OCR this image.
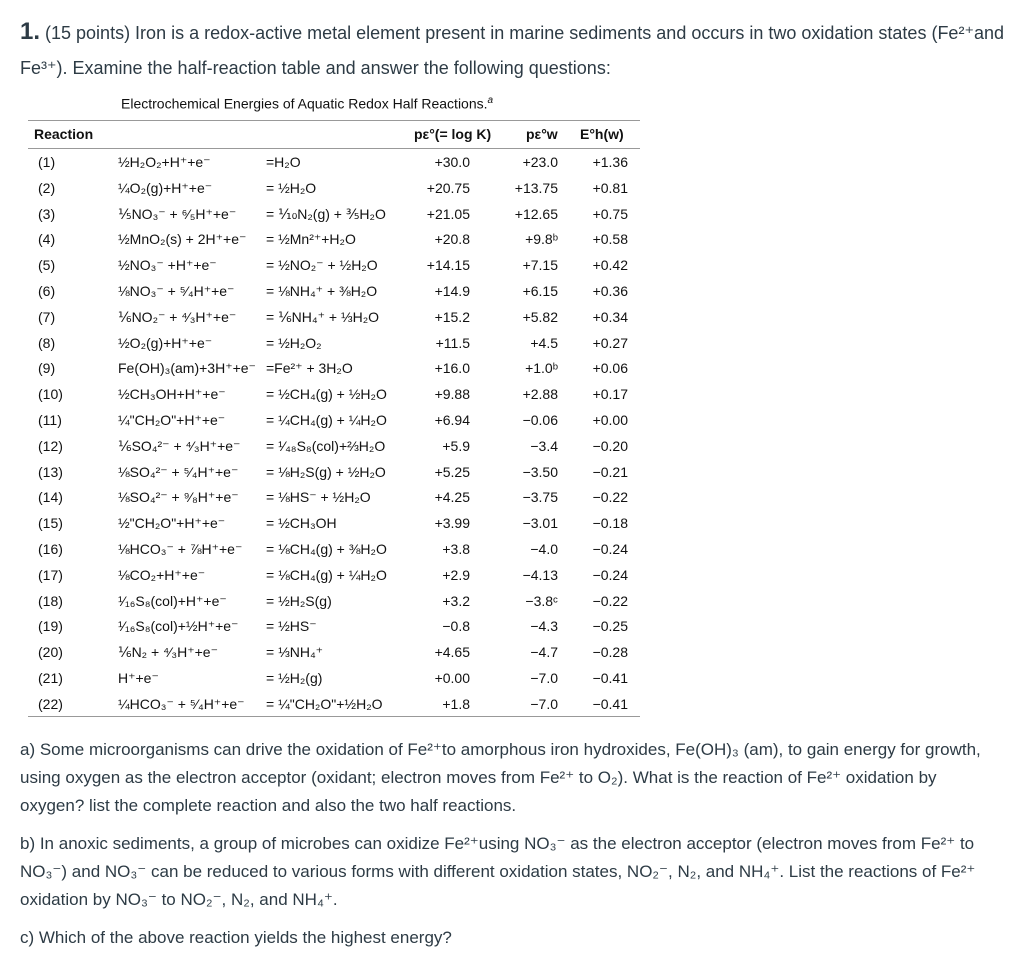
1. (15 points) Iron is a redox-active metal element present in marine sediments and occurs in two oxidation states (Fe²⁺and Fe³⁺). Examine the half-reaction table and answer the following questions:
Electrochemical Energies of Aquatic Redox Half Reactions.$^a$
Reaction	pε°(= log K) pε°w E°h(w)
(1)	½H₂O₂+H⁺+e⁻	=H₂O	+30.0	+23.0	+1.36
(2)	¼O₂(g)+H⁺+e⁻	= ½H₂O	+20.75	+13.75	+0.81
(3)	⅕NO₃⁻ + ⁶⁄₅H⁺+e⁻ = ⅒N₂(g) + ⅗H₂O	+21.05	+12.65	+0.75
(4)	½MnO₂(s) + 2H⁺+e⁻ = ½Mn²⁺+H₂O	+20.8	+9.8ᵇ	+0.58
(5)	½NO₃⁻ +H⁺+e⁻	= ½NO₂⁻ + ½H₂O	+14.15	+7.15	+0.42
(6)	⅛NO₃⁻ + ⁵⁄₄H⁺+e⁻ = ⅛NH₄⁺ + ⅜H₂O	+14.9	+6.15	+0.36
(7)	⅙NO₂⁻ + ⁴⁄₃H⁺+e⁻ = ⅙NH₄⁺ + ⅓H₂O	+15.2	+5.82	+0.34
(8)	½O₂(g)+H⁺+e⁻	= ½H₂O₂	+11.5	+4.5	+0.27
(9)	Fe(OH)₃(am)+3H⁺+e⁻ =Fe²⁺ + 3H₂O	+16.0	+1.0ᵇ	+0.06
(10)	½CH₃OH+H⁺+e⁻	= ½CH₄(g) + ½H₂O	+9.88	+2.88	+0.17
(11)	¼"CH₂O"+H⁺+e⁻	= ¼CH₄(g) + ¼H₂O	+6.94	−0.06	+0.00
(12)	⅙SO₄²⁻ + ⁴⁄₃H⁺+e⁻ = ¹⁄₄₈S₈(col)+⅔H₂O	+5.9	−3.4	−0.20
(13)	⅛SO₄²⁻ + ⁵⁄₄H⁺+e⁻ = ⅛H₂S(g) + ½H₂O	+5.25	−3.50	−0.21
(14)	⅛SO₄²⁻ + ⁹⁄₈H⁺+e⁻ = ⅛HS⁻ + ½H₂O	+4.25	−3.75	−0.22
(15)	½"CH₂O"+H⁺+e⁻	= ½CH₃OH	+3.99	−3.01	−0.18
(16)	⅛HCO₃⁻ + ⅞H⁺+e⁻ = ⅛CH₄(g) + ⅜H₂O	+3.8	−4.0	−0.24
(17)	⅛CO₂+H⁺+e⁻	= ⅛CH₄(g) + ¼H₂O	+2.9	−4.13	−0.24
(18)	¹⁄₁₆S₈(col)+H⁺+e⁻	= ½H₂S(g)	+3.2	−3.8ᶜ	−0.22
(19)	¹⁄₁₆S₈(col)+½H⁺+e⁻ = ½HS⁻	−0.8	−4.3	−0.25
(20)	⅙N₂ + ⁴⁄₃H⁺+e⁻	= ⅓NH₄⁺	+4.65	−4.7	−0.28
(21)	H⁺+e⁻	= ½H₂(g)	+0.00	−7.0	−0.41
(22)	¼HCO₃⁻ + ⁵⁄₄H⁺+e⁻ = ¼"CH₂O"+½H₂O	+1.8	−7.0	−0.41

a) Some microorganisms can drive the oxidation of Fe²⁺to amorphous iron hydroxides, Fe(OH)₃ (am), to gain energy for growth, using oxygen as the electron acceptor (oxidant; electron moves from Fe²⁺ to O₂). What is the reaction of Fe²⁺ oxidation by oxygen? list the complete reaction and also the two half reactions.

b) In anoxic sediments, a group of microbes can oxidize Fe²⁺using NO₃⁻ as the electron acceptor (electron moves from Fe²⁺ to NO₃⁻) and NO₃⁻ can be reduced to various forms with different oxidation states, NO₂⁻, N₂, and NH₄⁺. List the reactions of Fe²⁺ oxidation by NO₃⁻ to NO₂⁻, N₂, and NH₄⁺.

c) Which of the above reaction yields the highest energy?
